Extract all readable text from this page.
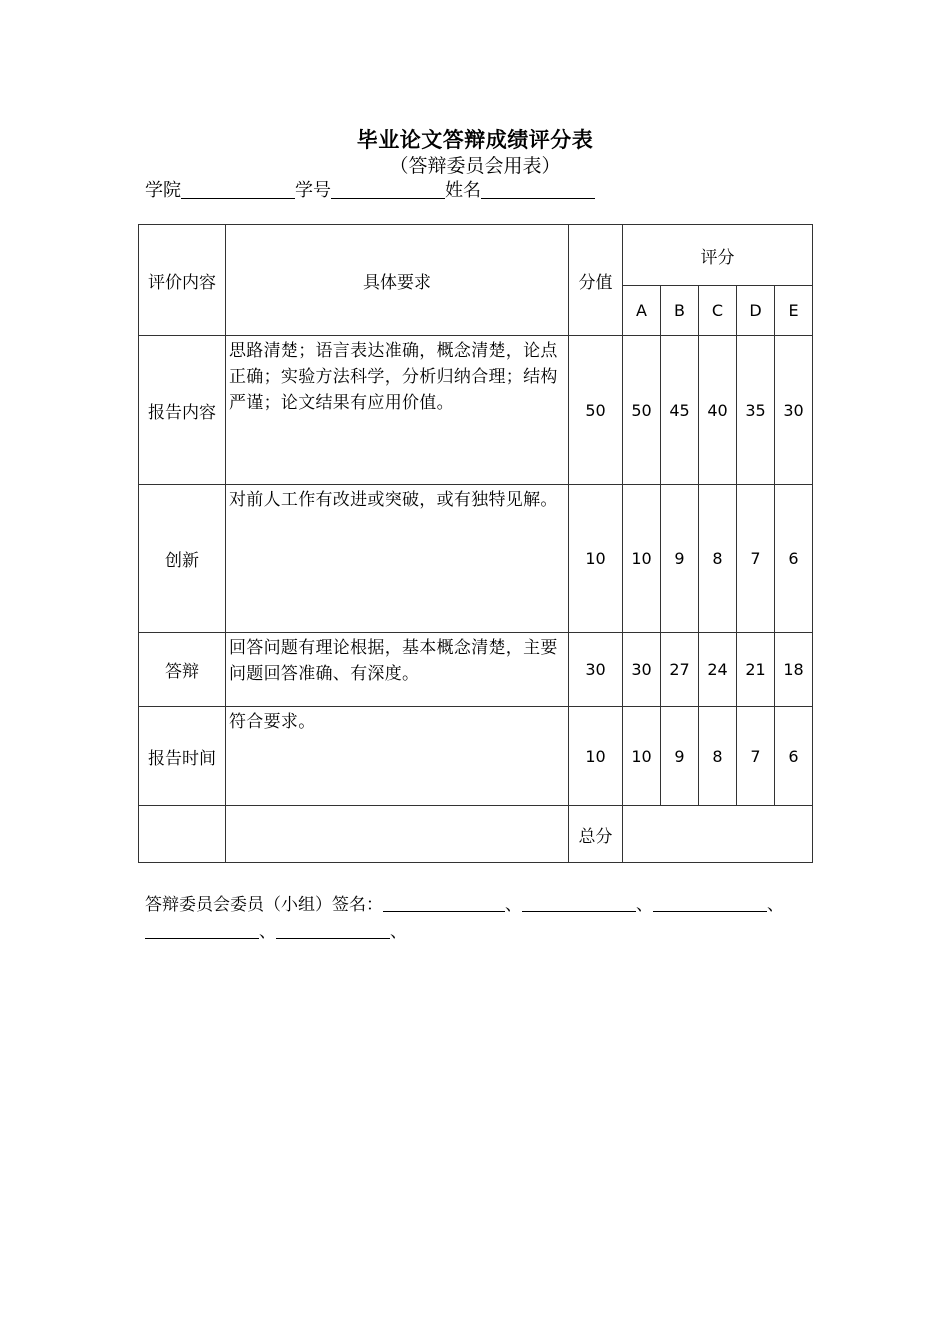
毕业论文答辩成绩评分表
（答辩委员会用表）
学院	学号	姓名
评价内容	具体要求	分值	评分				
			A	B	C	D	E
报告内容	思路清楚；语言表达准确，概念清楚，论点正确；实验方法科学，分析归纳合理；结构严谨；论文结果有应用价值。	50	50	45	40	35	30
创新	对前人工作有改进或突破，或有独特见解。	10	10	9	8	7	6
答辩	回答问题有理论根据，基本概念清楚，主要问题回答准确、有深度。	30	30	27	24	21	18
报告时间	符合要求。	10	10	9	8	7	6
		总分					
答辩委员会委员（小组）签名：	、	、	、
、	、
